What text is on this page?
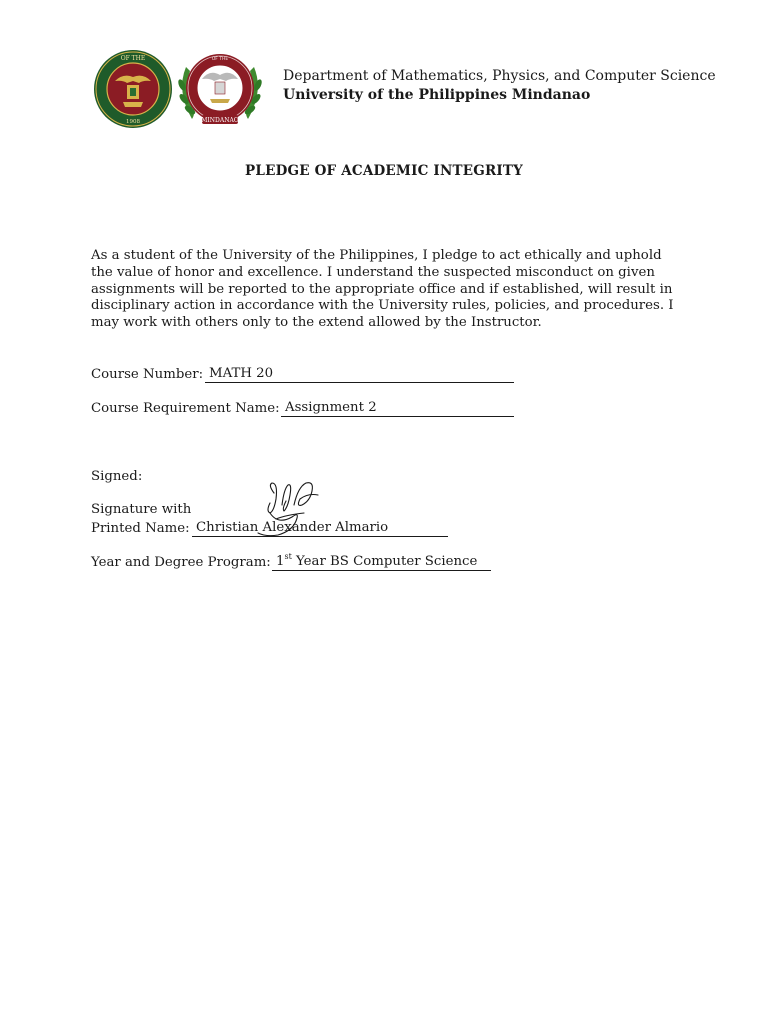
OF THE
1908
OF THE
MINDANAO
Department of Mathematics, Physics, and Computer Science
University of the Philippines Mindanao
PLEDGE OF ACADEMIC INTEGRITY
As a student of the University of the Philippines, I pledge to act ethically and uphold
the value of honor and excellence. I understand the suspected misconduct on given
assignments will be reported to the appropriate office and if established, will result in
disciplinary action in accordance with the University rules, policies, and procedures. I
may work with others only to the extend allowed by the Instructor.
Course Number: MATH 20
Course Requirement Name: Assignment 2
Signed:
Signature with
Printed Name: Christian Alexander Almario
Year and Degree Program: 1st Year BS Computer Science
